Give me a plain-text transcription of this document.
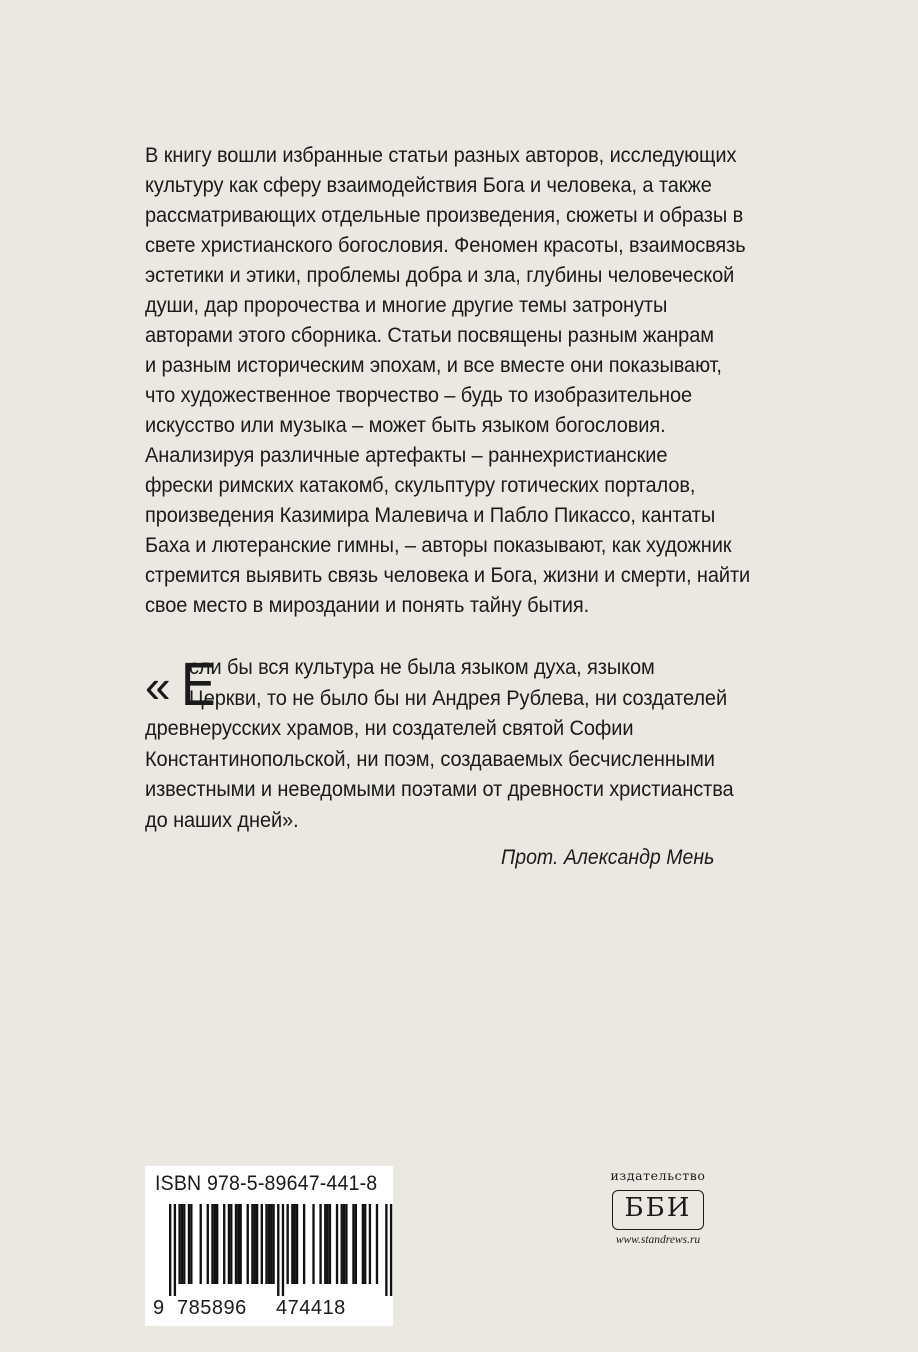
В книгу вошли избранные статьи разных авторов, исследующих
культуру как сферу взаимодействия Бога и человека, а также
рассматривающих отдельные произведения, сюжеты и образы в
свете христианского богословия. Феномен красоты, взаимосвязь
эстетики и этики, проблемы добра и зла, глубины человеческой
души, дар пророчества и многие другие темы затронуты
авторами этого сборника. Статьи посвящены разным жанрам
и разным историческим эпохам, и все вместе они показывают,
что художественное творчество – будь то изобразительное
искусство или музыка – может быть языком богословия.
Анализируя различные артефакты – раннехристианские
фрески римских катакомб, скульптуру готических порталов,
произведения Казимира Малевича и Пабло Пикассо, кантаты
Баха и лютеранские гимны, – авторы показывают, как художник
стремится выявить связь человека и Бога, жизни и смерти, найти
свое место в мироздании и понять тайну бытия.
« Е
сли бы вся культура не была языком духа, языком
Церкви, то не было бы ни Андрея Рублева, ни создателей
древнерусских храмов, ни создателей святой Софии
Константинопольской, ни поэм, создаваемых бесчисленными
известными и неведомыми поэтами от древности христианства
до наших дней».
Прот. Александр Мень
ISBN 978-5-89647-441-8
9 785896 474418
издательство
ББИ
www.standrews.ru
